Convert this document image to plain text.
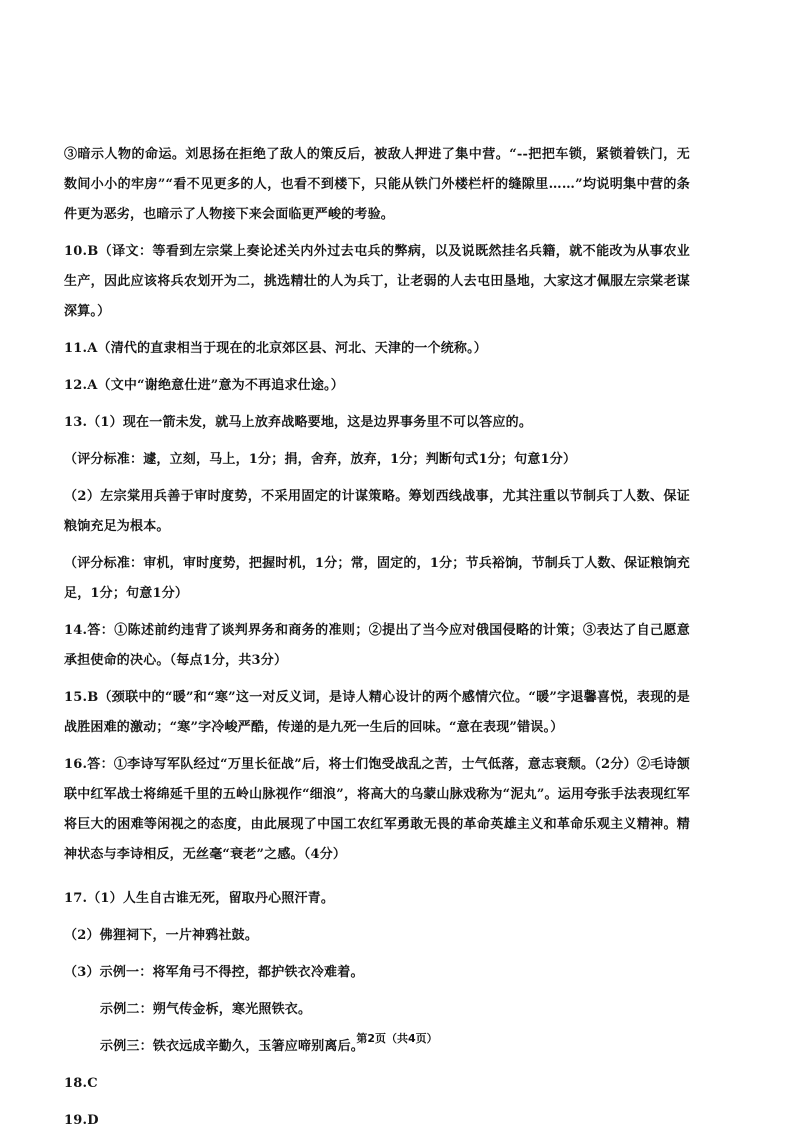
③暗示人物的命运。刘思扬在拒绝了敌人的策反后，被敌人押进了集中营。“--把把车锁，紧锁着铁门，无数间小小的牢房”“看不见更多的人，也看不到楼下，只能从铁门外楼栏杆的缝隙里……”均说明集中营的条件更为恶劣，也暗示了人物接下来会面临更严峻的考验。

10.B（译文：等看到左宗棠上奏论述关内外过去屯兵的弊病，以及说既然挂名兵籍，就不能改为从事农业生产，因此应该将兵农划开为二，挑选精壮的人为兵丁，让老弱的人去屯田垦地，大家这才佩服左宗棠老谋深算。）

11.A（清代的直隶相当于现在的北京郊区县、河北、天津的一个统称。）

12.A（文中“谢绝意仕进”意为不再追求仕途。）

13.（1）现在一箭未发，就马上放弃战略要地，这是边界事务里不可以答应的。

（评分标准：遽，立刻，马上，1分；捐，舍弃，放弃，1分；判断句式1分；句意1分）

（2）左宗棠用兵善于审时度势，不采用固定的计谋策略。筹划西线战事，尤其注重以节制兵丁人数、保证粮饷充足为根本。

（评分标准：审机，审时度势，把握时机，1分；常，固定的，1分；节兵裕饷，节制兵丁人数、保证粮饷充足，1分；句意1分）

14.答：①陈述前约违背了谈判界务和商务的准则；②提出了当今应对俄国侵略的计策；③表达了自己愿意承担使命的决心。（每点1分，共3分）

15.B（颈联中的“暖”和“寒”这一对反义词，是诗人精心设计的两个感情穴位。“暖”字退馨喜悦，表现的是战胜困难的激动；“寒”字冷峻严酷，传递的是九死一生后的回味。“意在表现”错误。）

16.答：①李诗写军队经过“万里长征战”后，将士们饱受战乱之苦，士气低落，意志衰颓。（2分）②毛诗颔联中红军战士将绵延千里的五岭山脉视作“细浪”，将高大的乌蒙山脉戏称为“泥丸”。运用夸张手法表现红军将巨大的困难等闲视之的态度，由此展现了中国工农红军勇敢无畏的革命英雄主义和革命乐观主义精神。精神状态与李诗相反，无丝毫“衰老”之感。（4分）

17.（1）人生自古谁无死，留取丹心照汗青。

（2）佛狸祠下，一片神鸦社鼓。

（3）示例一：将军角弓不得控，都护铁衣冷难着。

示例二：朔气传金柝，寒光照铁衣。

示例三：铁衣远成辛勤久，玉箸应啼别离后。

18.C

19.D

第2页（共4页）
